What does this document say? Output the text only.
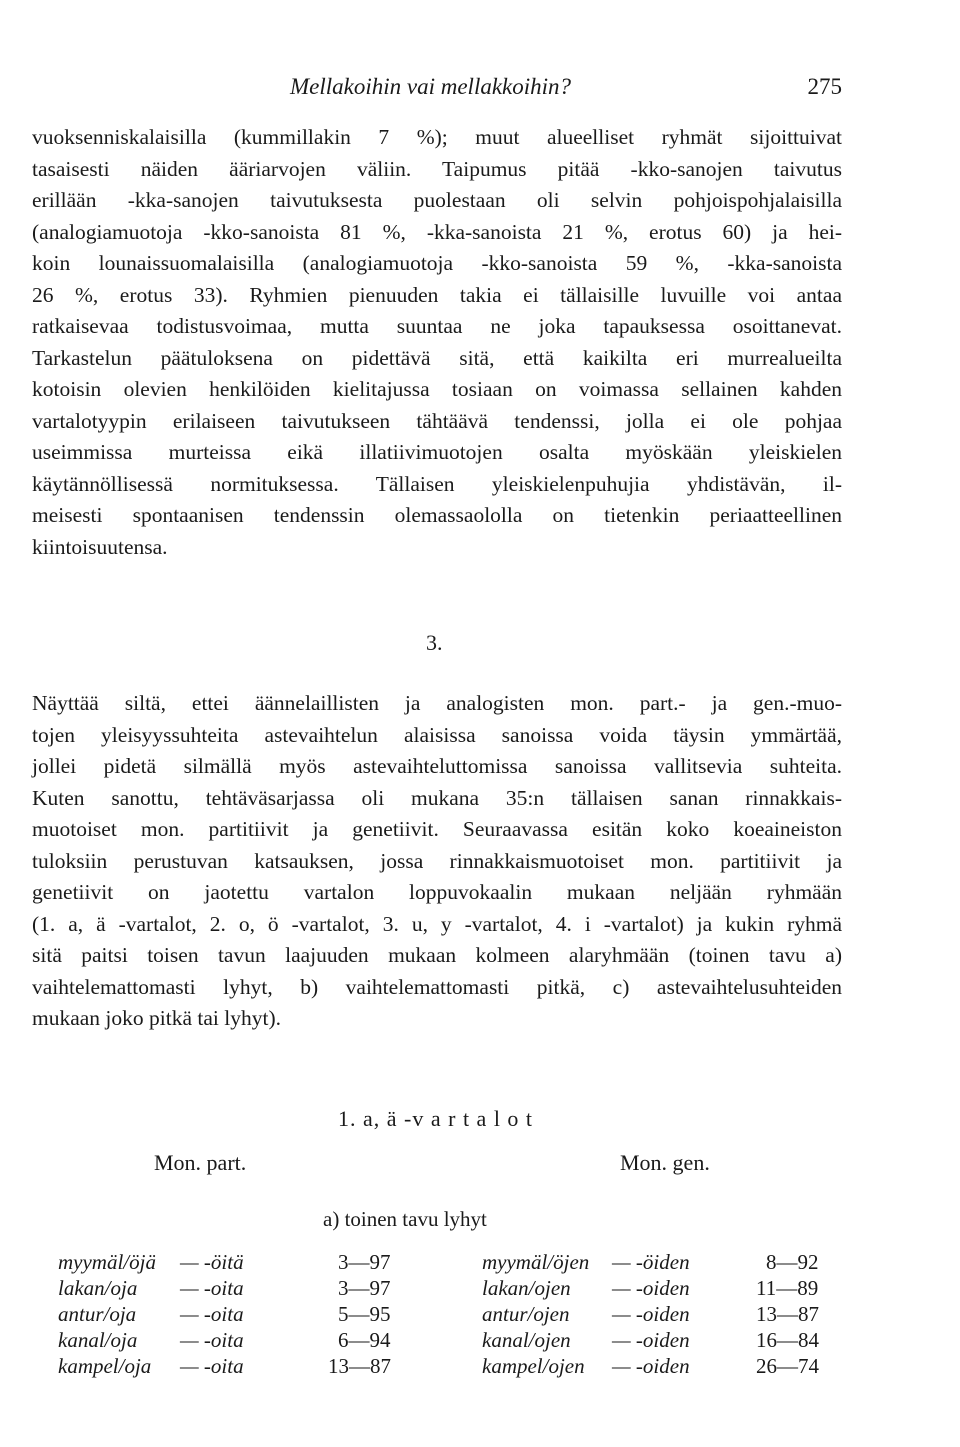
Mellakoihin vai mellakkoihin?	275
vuoksenniskalaisilla (kummillakin 7 %); muut alueelliset ryhmät sijoittuivat
tasaisesti näiden ääriarvojen väliin. Taipumus pitää -kko-sanojen taivutus
erillään -kka-sanojen taivutuksesta puolestaan oli selvin pohjoispohjalaisilla
(analogiamuotoja -kko-sanoista 81 %, -kka-sanoista 21 %, erotus 60) ja hei-
koin lounaissuomalaisilla (analogiamuotoja -kko-sanoista 59 %, -kka-sanoista
26 %, erotus 33). Ryhmien pienuuden takia ei tällaisille luvuille voi antaa
ratkaisevaa todistusvoimaa, mutta suuntaa ne joka tapauksessa osoittanevat.
Tarkastelun päätuloksena on pidettävä sitä, että kaikilta eri murrealueilta
kotoisin olevien henkilöiden kielitajussa tosiaan on voimassa sellainen kahden
vartalotyypin erilaiseen taivutukseen tähtäävä tendenssi, jolla ei ole pohjaa
useimmissa murteissa eikä illatiivimuotojen osalta myöskään yleiskielen
käytännöllisessä normituksessa. Tällaisen yleiskielenpuhujia yhdistävän, il-
meisesti spontaanisen tendenssin olemassaololla on tietenkin periaatteellinen
kiintoisuutensa.
3.
Näyttää siltä, ettei äännelaillisten ja analogisten mon. part.- ja gen.-muo-
tojen yleisyyssuhteita astevaihtelun alaisissa sanoissa voida täysin ymmärtää,
jollei pidetä silmällä myös astevaihteluttomissa sanoissa vallitsevia suhteita.
Kuten sanottu, tehtäväsarjassa oli mukana 35:n tällaisen sanan rinnakkais-
muotoiset mon. partitiivit ja genetiivit. Seuraavassa esitän koko koeaineiston
tuloksiin perustuvan katsauksen, jossa rinnakkaismuotoiset mon. partitiivit ja
genetiivit on jaotettu vartalon loppuvokaalin mukaan neljään ryhmään
(1. a, ä -vartalot, 2. o, ö -vartalot, 3. u, y -vartalot, 4. i -vartalot) ja kukin ryhmä
sitä paitsi toisen tavun laajuuden mukaan kolmeen alaryhmään (toinen tavu a)
vaihtelemattomasti lyhyt, b) vaihtelemattomasti pitkä, c) astevaihtelusuhteiden
mukaan joko pitkä tai lyhyt).
1. a, ä -v a r t a l o t
Mon. part.	Mon. gen.
a) toinen tavu lyhyt
myymäl/öjä — -öitä	3—97	myymäl/öjen — -öiden	8—92
lakan/oja — -oita	3—97	lakan/ojen — -oiden	11—89
antur/oja — -oita	5—95	antur/ojen — -oiden	13—87
kanal/oja — -oita	6—94	kanal/ojen — -oiden	16—84
kampel/oja — -oita	13—87	kampel/ojen — -oiden	26—74
